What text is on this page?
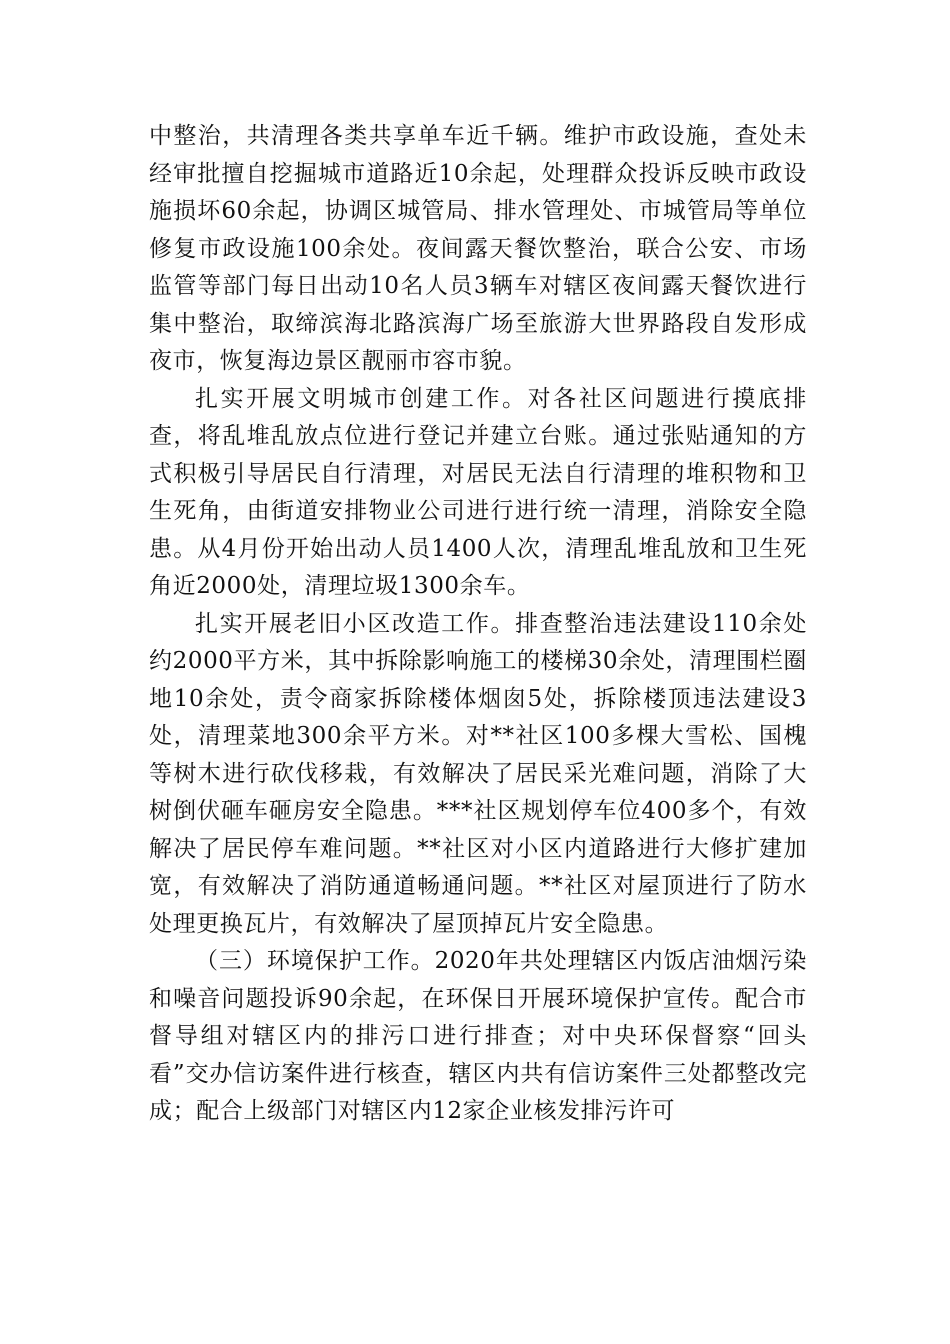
中整治，共清理各类共享单车近千辆。维护市政设施，查处未经审批擅自挖掘城市道路近10余起，处理群众投诉反映市政设施损坏60余起，协调区城管局、排水管理处、市城管局等单位修复市政设施100余处。夜间露天餐饮整治，联合公安、市场监管等部门每日出动10名人员3辆车对辖区夜间露天餐饮进行集中整治，取缔滨海北路滨海广场至旅游大世界路段自发形成夜市，恢复海边景区靓丽市容市貌。

扎实开展文明城市创建工作。对各社区问题进行摸底排查，将乱堆乱放点位进行登记并建立台账。通过张贴通知的方式积极引导居民自行清理，对居民无法自行清理的堆积物和卫生死角，由街道安排物业公司进行进行统一清理，消除安全隐患。从4月份开始出动人员1400人次，清理乱堆乱放和卫生死角近2000处，清理垃圾1300余车。

扎实开展老旧小区改造工作。排查整治违法建设110余处约2000平方米，其中拆除影响施工的楼梯30余处，清理围栏圈地10余处，责令商家拆除楼体烟囱5处，拆除楼顶违法建设3处，清理菜地300余平方米。对**社区100多棵大雪松、国槐等树木进行砍伐移栽，有效解决了居民采光难问题，消除了大树倒伏砸车砸房安全隐患。***社区规划停车位400多个，有效解决了居民停车难问题。**社区对小区内道路进行大修扩建加宽，有效解决了消防通道畅通问题。**社区对屋顶进行了防水处理更换瓦片，有效解决了屋顶掉瓦片安全隐患。

（三）环境保护工作。2020年共处理辖区内饭店油烟污染和噪音问题投诉90余起，在环保日开展环境保护宣传。配合市督导组对辖区内的排污口进行排查；对中央环保督察“回头看”交办信访案件进行核查，辖区内共有信访案件三处都整改完成；配合上级部门对辖区内12家企业核发排污许可
